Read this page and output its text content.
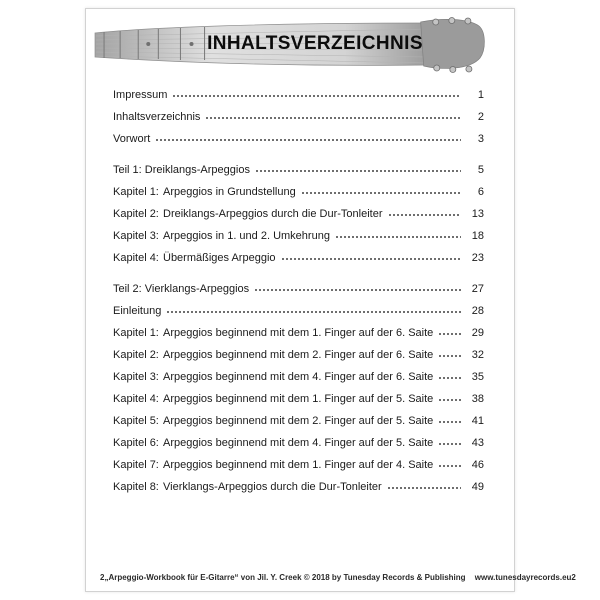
INHALTSVERZEICHNIS
Impressum	1
Inhaltsverzeichnis	2
Vorwort	3
Teil 1: Dreiklangs-Arpeggios	5
Kapitel 1: Arpeggios in Grundstellung	6
Kapitel 2: Dreiklangs-Arpeggios durch die Dur-Tonleiter	13
Kapitel 3: Arpeggios in 1. und 2. Umkehrung	18
Kapitel 4: Übermäßiges Arpeggio	23
Teil 2: Vierklangs-Arpeggios	27
Einleitung	28
Kapitel 1: Arpeggios beginnend mit dem 1. Finger auf der 6. Saite	29
Kapitel 2: Arpeggios beginnend mit dem 2. Finger auf der 6. Saite	32
Kapitel 3: Arpeggios beginnend mit dem 4. Finger auf der 6. Saite	35
Kapitel 4: Arpeggios beginnend mit dem 1. Finger auf der 5. Saite	38
Kapitel 5: Arpeggios beginnend mit dem 2. Finger auf der 5. Saite	41
Kapitel 6: Arpeggios beginnend mit dem 4. Finger auf der 5. Saite	43
Kapitel 7: Arpeggios beginnend mit dem 1. Finger auf der 4. Saite	46
Kapitel 8: Vierklangs-Arpeggios durch die Dur-Tonleiter	49
2 „Arpeggio-Workbook für E-Gitarre“ von Jil. Y. Creek © 2018 by Tunesday Records & Publishing www.tunesdayrecords.eu 2
